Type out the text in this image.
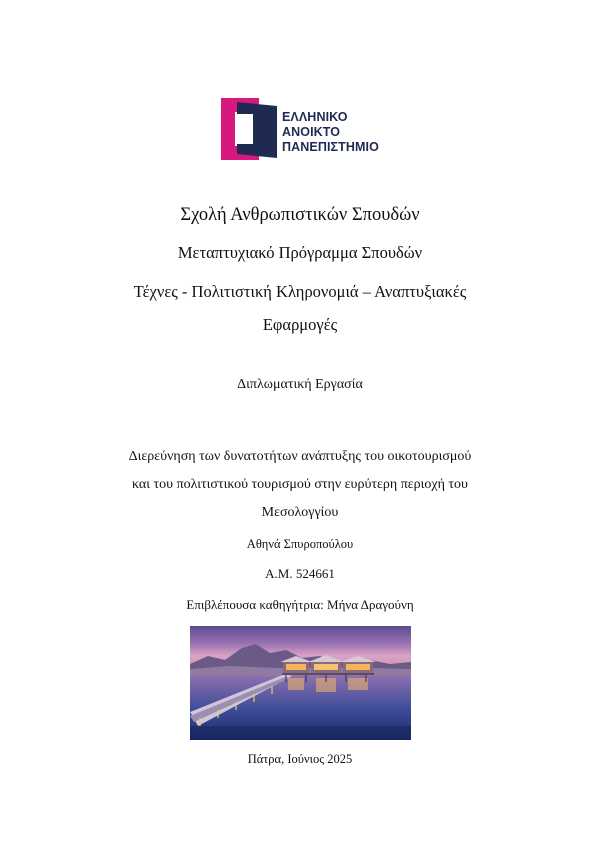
ΕΛΛΗΝΙΚΟ
ΑΝΟΙΚΤΟ
ΠΑΝΕΠΙΣΤΗΜΙΟ
Σχολή Ανθρωπιστικών Σπουδών
Μεταπτυχιακό Πρόγραμμα Σπουδών
Τέχνες - Πολιτιστική Κληρονομιά – Αναπτυξιακές
Εφαρμογές
Διπλωματική Εργασία
Διερεύνηση των δυνατοτήτων ανάπτυξης του οικοτουρισμού
και του πολιτιστικού τουρισμού στην ευρύτερη περιοχή του
Μεσολογγίου
Αθηνά Σπυροπούλου
Α.Μ. 524661
Επιβλέπουσα καθηγήτρια: Μήνα Δραγούνη
Πάτρα, Ιούνιος 2025
